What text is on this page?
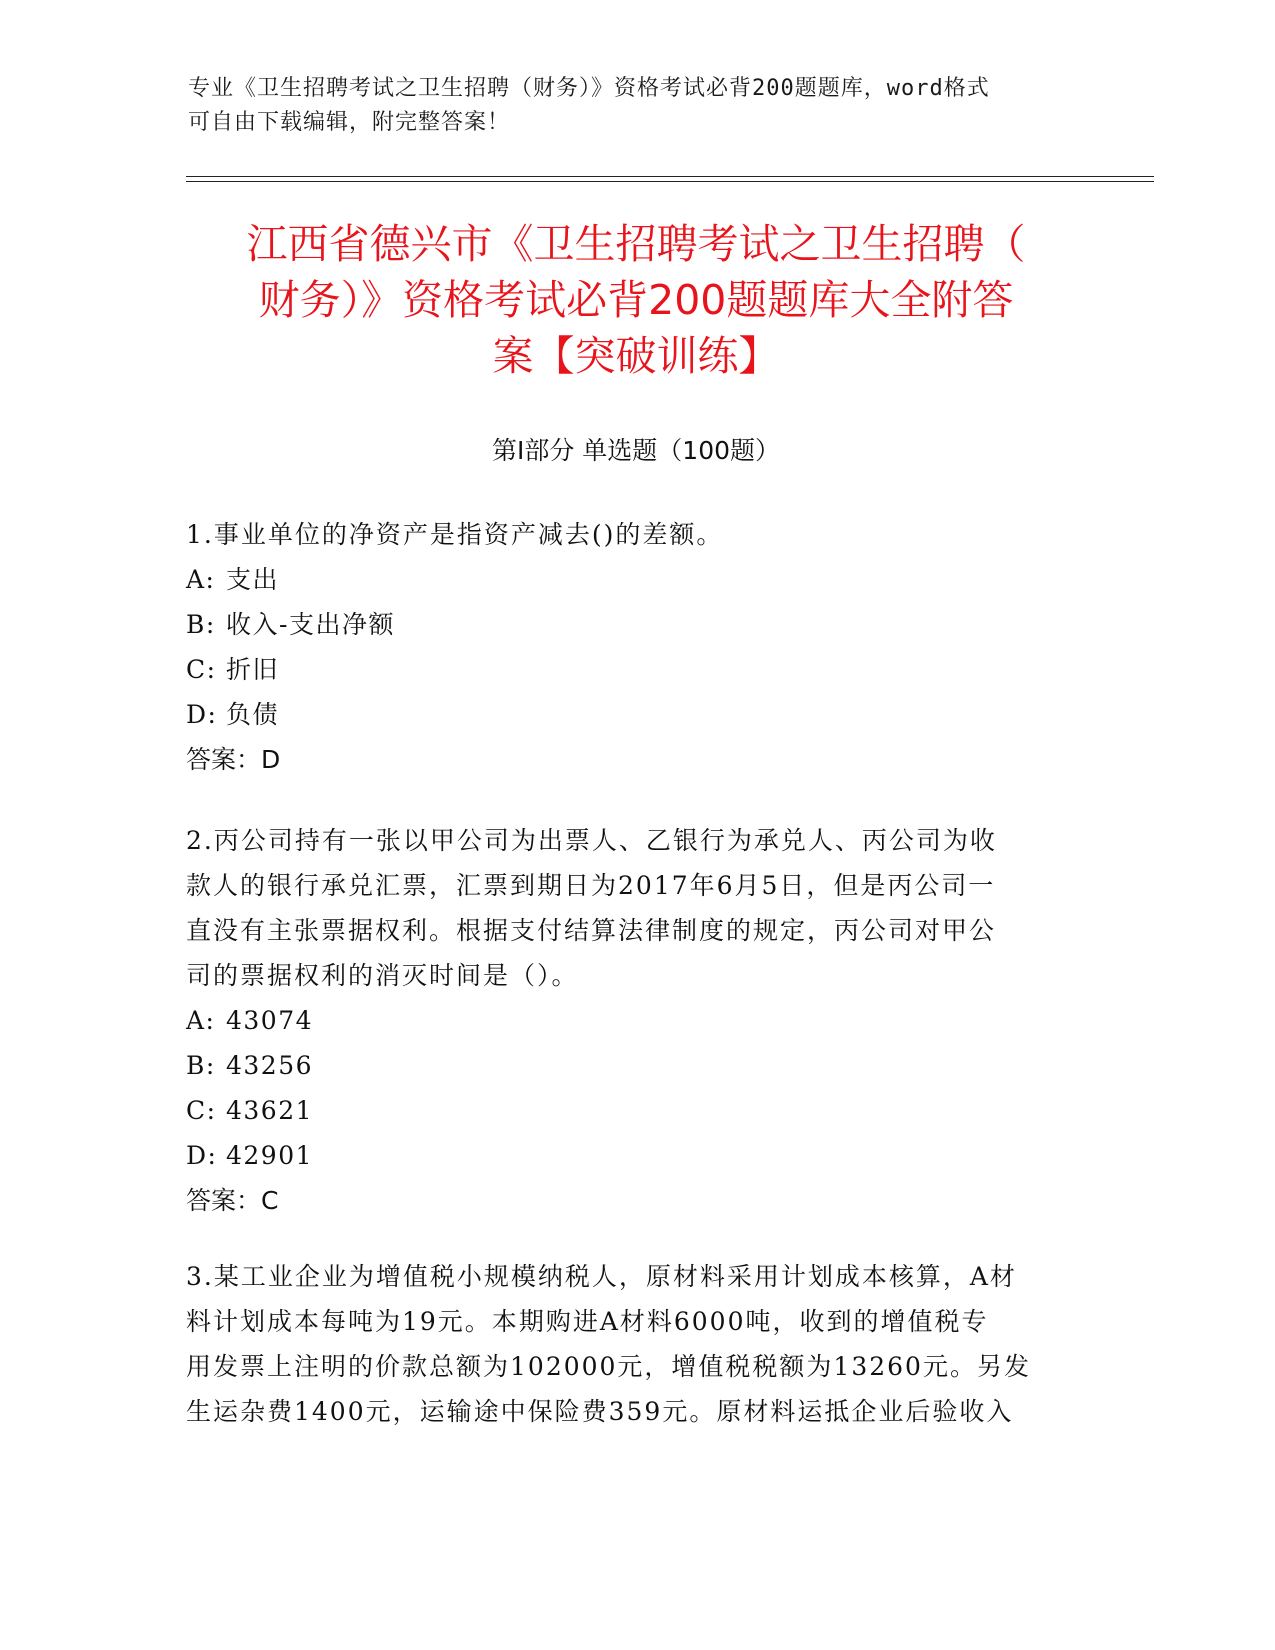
专业《卫生招聘考试之卫生招聘（财务）》资格考试必背200题题库，word格式
可自由下载编辑，附完整答案！
江西省德兴市《卫生招聘考试之卫生招聘（
财务）》资格考试必背200题题库大全附答
案【突破训练】
第Ⅰ部分 单选题（100题）

1.事业单位的净资产是指资产减去()的差额。

A: 支出

B: 收入-支出净额

C: 折旧

D: 负债

答案：D

2.丙公司持有一张以甲公司为出票人、乙银行为承兑人、丙公司为收

款人的银行承兑汇票，汇票到期日为2017年6月5日，但是丙公司一

直没有主张票据权利。根据支付结算法律制度的规定，丙公司对甲公

司的票据权利的消灭时间是（）。

A: 43074

B: 43256

C: 43621

D: 42901

答案：C

3.某工业企业为增值税小规模纳税人，原材料采用计划成本核算，A材

料计划成本每吨为19元。本期购进A材料6000吨，收到的增值税专

用发票上注明的价款总额为102000元，增值税税额为13260元。另发

生运杂费1400元，运输途中保险费359元。原材料运抵企业后验收入
